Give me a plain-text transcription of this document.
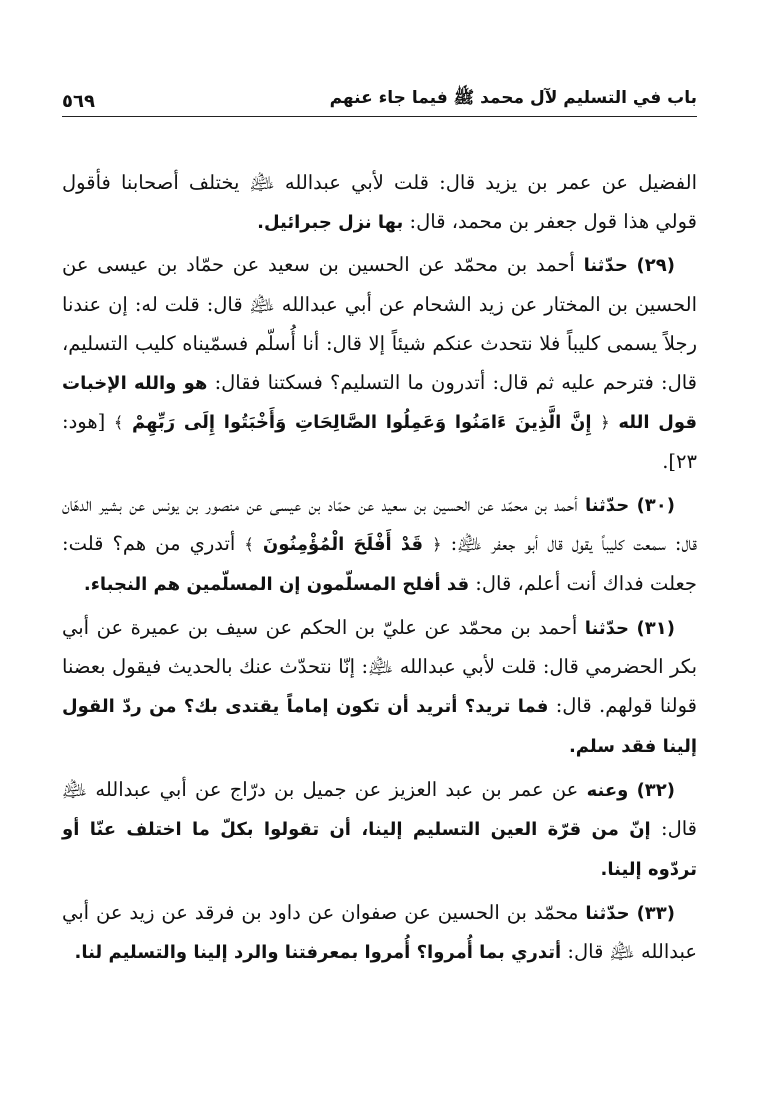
٥٦٩	باب في التسليم لآل محمد ﷺ فيما جاء عنهم

الفضيل عن عمر بن يزيد قال: قلت لأبي عبدالله ﵇ يختلف أصحابنا فأقول قولي هذا قول جعفر بن محمد، قال: بها نزل جبرائيل.

(٢٩) حدّثنا أحمد بن محمّد عن الحسين بن سعيد عن حمّاد بن عيسى عن الحسين بن المختار عن زيد الشحام عن أبي عبدالله ﵇ قال: قلت له: إن عندنا رجلاً يسمى كليباً فلا نتحدث عنكم شيئاً إلا قال: أنا أُسلّم فسمّيناه كليب التسليم، قال: فترحم عليه ثم قال: أتدرون ما التسليم؟ فسكتنا فقال: هو والله الإخبات قول الله ﴿ إِنَّ الَّذِينَ ءَامَنُوا وَعَمِلُوا الصَّالِحَاتِ وَأَخْبَتُوا إِلَى رَبِّهِمْ ﴾ [هود: ٢٣].

(٣٠) حدّثنا أحمد بن محمّد عن الحسين بن سعيد عن حمّاد بن عيسى عن منصور بن يونس عن بشير الدهّان قال: سمعت كليباً يقول قال أبو جعفر ﵇: ﴿ قَدْ أَفْلَحَ الْمُؤْمِنُونَ ﴾ أتدري من هم؟ قلت: جعلت فداك أنت أعلم، قال: قد أفلح المسلّمون إن المسلّمين هم النجباء.

(٣١) حدّثنا أحمد بن محمّد عن عليّ بن الحكم عن سيف بن عميرة عن أبي بكر الحضرمي قال: قلت لأبي عبدالله ﵇: إنّا نتحدّث عنك بالحديث فيقول بعضنا قولنا قولهم. قال: فما تريد؟ أتريد أن تكون إماماً يقتدى بك؟ من ردّ القول إلينا فقد سلم.

(٣٢) وعنه عن عمر بن عبد العزيز عن جميل بن درّاج عن أبي عبدالله ﵇ قال: إنّ من قرّة العين التسليم إلينا، أن تقولوا بكلّ ما اختلف عنّا أو تردّوه إلينا.

(٣٣) حدّثنا محمّد بن الحسين عن صفوان عن داود بن فرقد عن زيد عن أبي عبدالله ﵇ قال: أتدري بما أُمروا؟ أُمروا بمعرفتنا والرد إلينا والتسليم لنا.
